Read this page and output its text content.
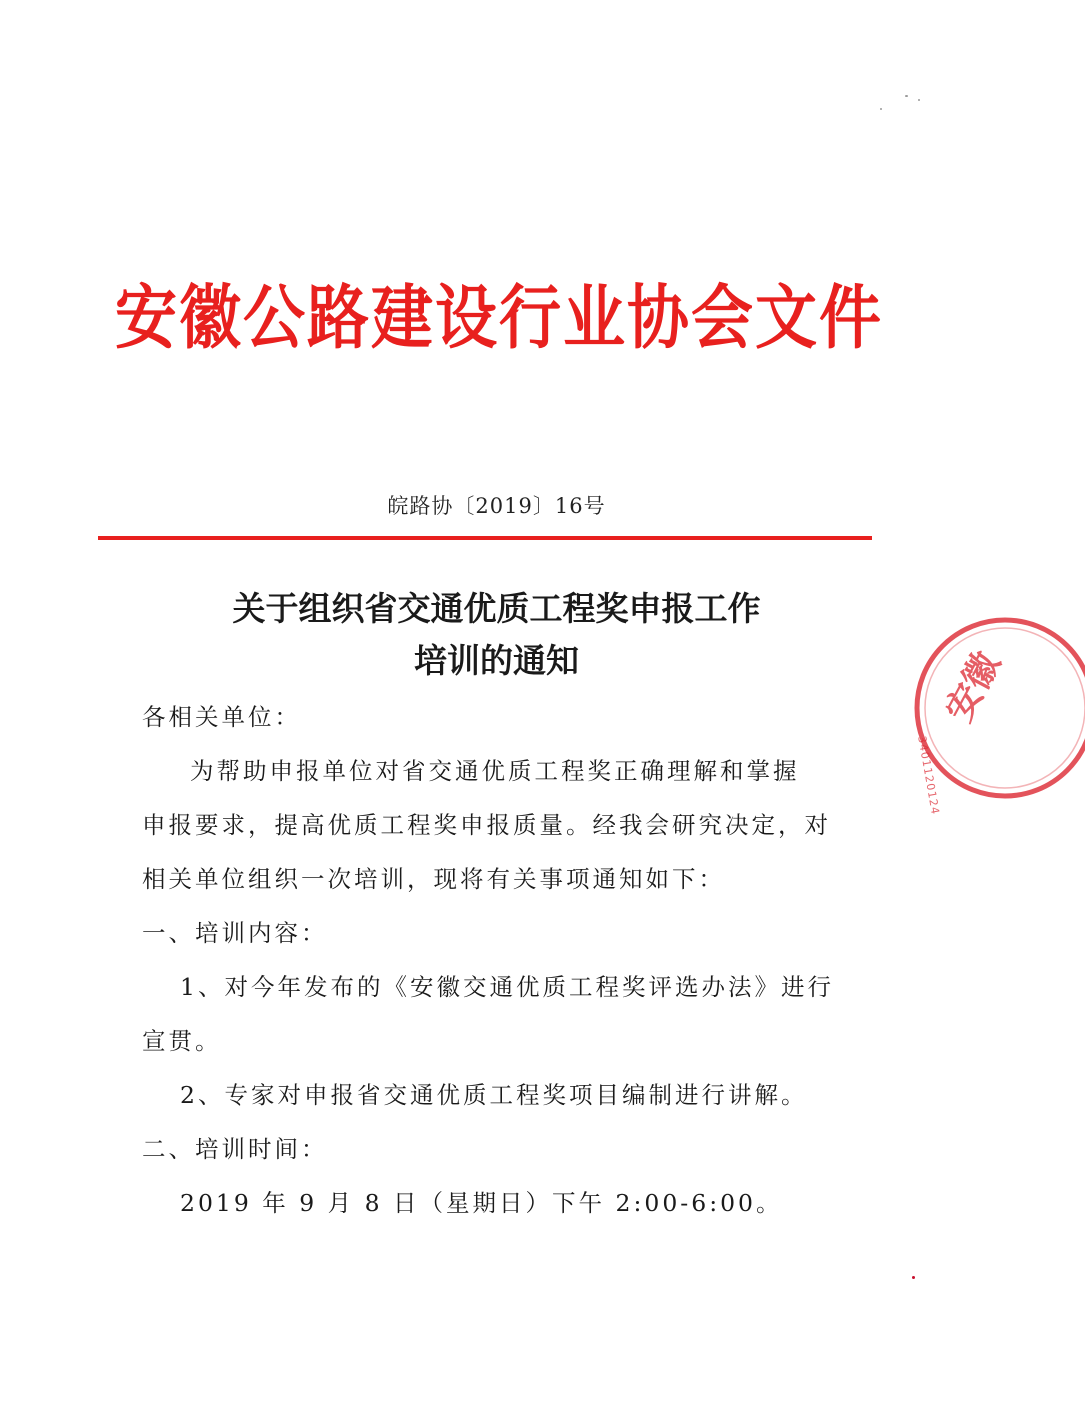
安徽公路建设行业协会文件
皖路协〔2019〕16号
关于组织省交通优质工程奖申报工作
培训的通知
各相关单位：
为帮助申报单位对省交通优质工程奖正确理解和掌握
申报要求，提高优质工程奖申报质量。经我会研究决定，对
相关单位组织一次培训，现将有关事项通知如下：
一、培训内容：
1、对今年发布的《安徽交通优质工程奖评选办法》进行
宣贯。
2、专家对申报省交通优质工程奖项目编制进行讲解。
二、培训时间：
2019 年 9 月 8 日（星期日）下午 2:00-6:00。
安徽
3401120124
